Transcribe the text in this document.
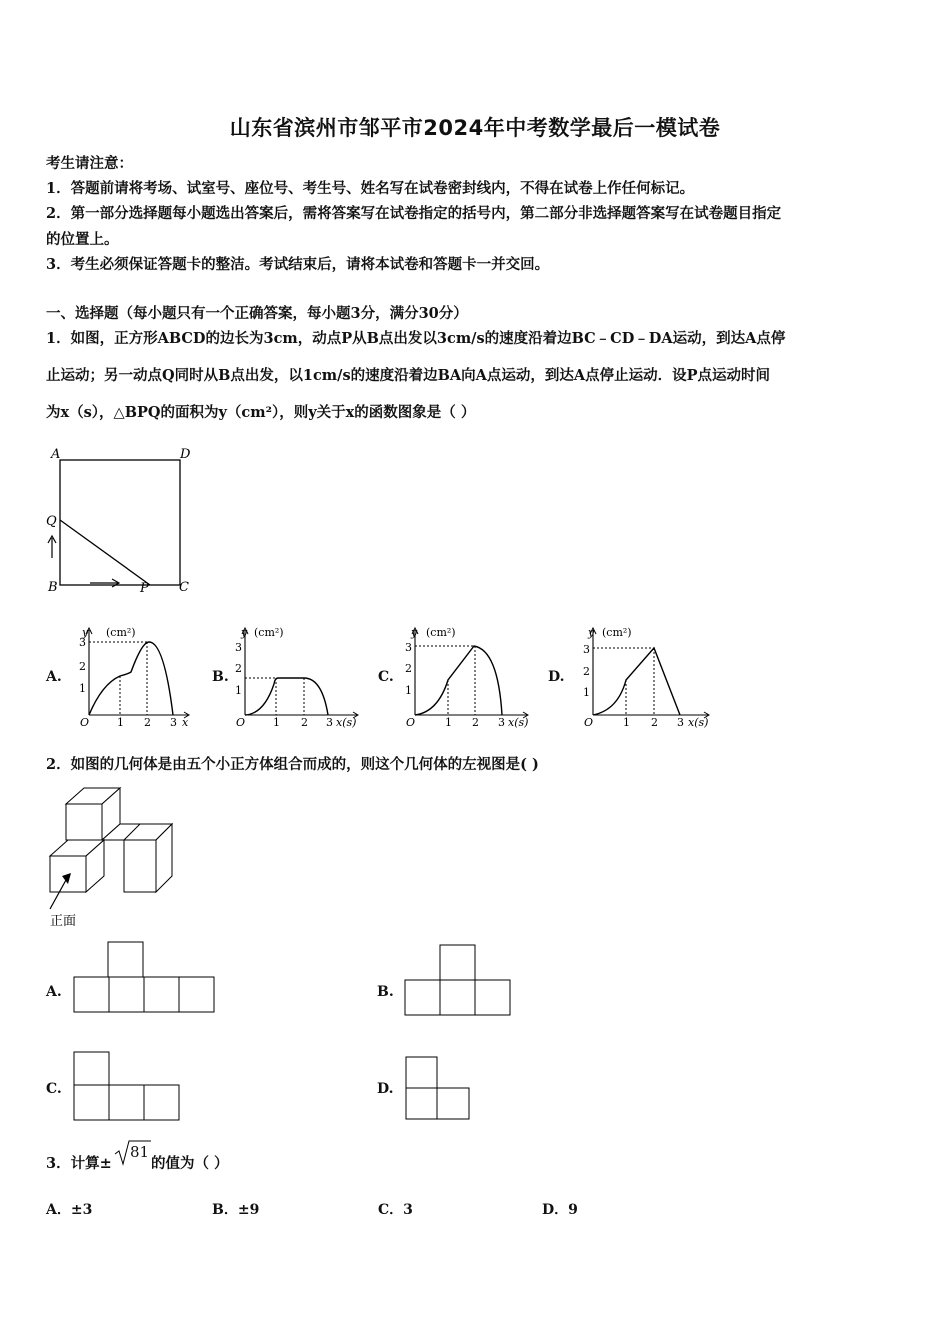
山东省滨州市邹平市2024年中考数学最后一模试卷
考生请注意：
1．答题前请将考场、试室号、座位号、考生号、姓名写在试卷密封线内，不得在试卷上作任何标记。
2．第一部分选择题每小题选出答案后，需将答案写在试卷指定的括号内，第二部分非选择题答案写在试卷题目指定
的位置上。
3．考生必须保证答题卡的整洁。考试结束后，请将本试卷和答题卡一并交回。
一、选择题（每小题只有一个正确答案，每小题3分，满分30分）
1．如图，正方形ABCD的边长为3cm，动点P从B点出发以3cm/s的速度沿着边BC﹣CD﹣DA运动，到达A点停
止运动；另一动点Q同时从B点出发，以1cm/s的速度沿着边BA向A点运动，到达A点停止运动．设P点运动时间
为x（s），△BPQ的面积为y（cm²），则y关于x的函数图象是（ ）
A	D
Q
B	P C
A.	B.	C.	D.
y (cm²)
3
2
1
O	1 2 3 x
y (cm²)
3
2
1
O	1 2 3 x(s)
y (cm²)
3
2
1
O	1 2 3 x(s)
y (cm²)
3
2
1
O	1 2 3 x(s)
2．如图的几何体是由五个小正方体组合而成的，则这个几何体的左视图是( )
正面
A.	B.
C.	D.
3．计算±
81
的值为（ ）
A．±3	B．±9	C．3	D．9
